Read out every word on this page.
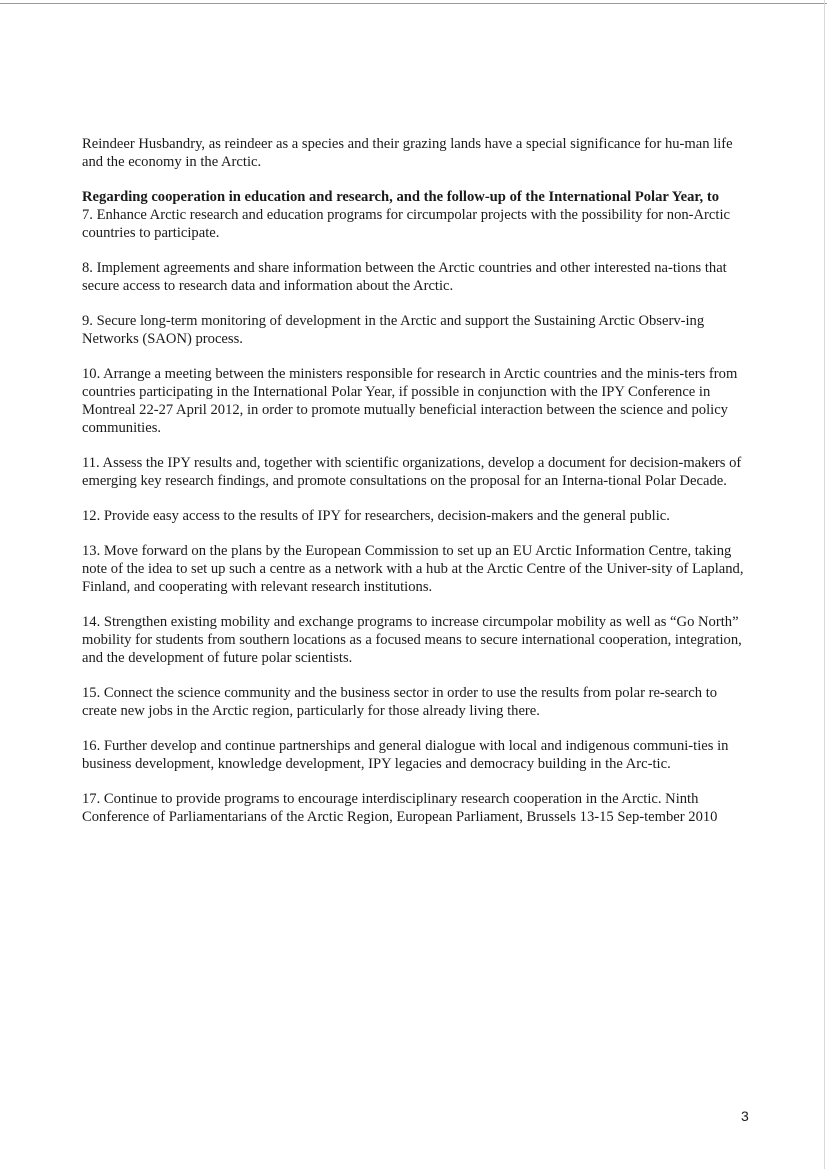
Reindeer Husbandry, as reindeer as a species and their grazing lands have a special significance for hu-man life and the economy in the Arctic.

Regarding cooperation in education and research, and the follow-up of the International Polar Year, to

7. Enhance Arctic research and education programs for circumpolar projects with the possibility for non-Arctic countries to participate.

8. Implement agreements and share information between the Arctic countries and other interested na-tions that secure access to research data and information about the Arctic.

9. Secure long-term monitoring of development in the Arctic and support the Sustaining Arctic Observ-ing Networks (SAON) process.

10. Arrange a meeting between the ministers responsible for research in Arctic countries and the minis-ters from countries participating in the International Polar Year, if possible in conjunction with the IPY Conference in Montreal 22-27 April 2012, in order to promote mutually beneficial interaction between the science and policy communities.

11. Assess the IPY results and, together with scientific organizations, develop a document for decision-makers of emerging key research findings, and promote consultations on the proposal for an Interna-tional Polar Decade.

12. Provide easy access to the results of IPY for researchers, decision-makers and the general public.

13. Move forward on the plans by the European Commission to set up an EU Arctic Information Centre, taking note of the idea to set up such a centre as a network with a hub at the Arctic Centre of the Univer-sity of Lapland, Finland, and cooperating with relevant research institutions.

14. Strengthen existing mobility and exchange programs to increase circumpolar mobility as well as “Go North” mobility for students from southern locations as a focused means to secure international cooperation, integration, and the development of future polar scientists.

15. Connect the science community and the business sector in order to use the results from polar re-search to create new jobs in the Arctic region, particularly for those already living there.

16. Further develop and continue partnerships and general dialogue with local and indigenous communi-ties in business development, knowledge development, IPY legacies and democracy building in the Arc-tic.

17. Continue to provide programs to encourage interdisciplinary research cooperation in the Arctic. Ninth Conference of Parliamentarians of the Arctic Region, European Parliament, Brussels 13-15 Sep-tember 2010

3
